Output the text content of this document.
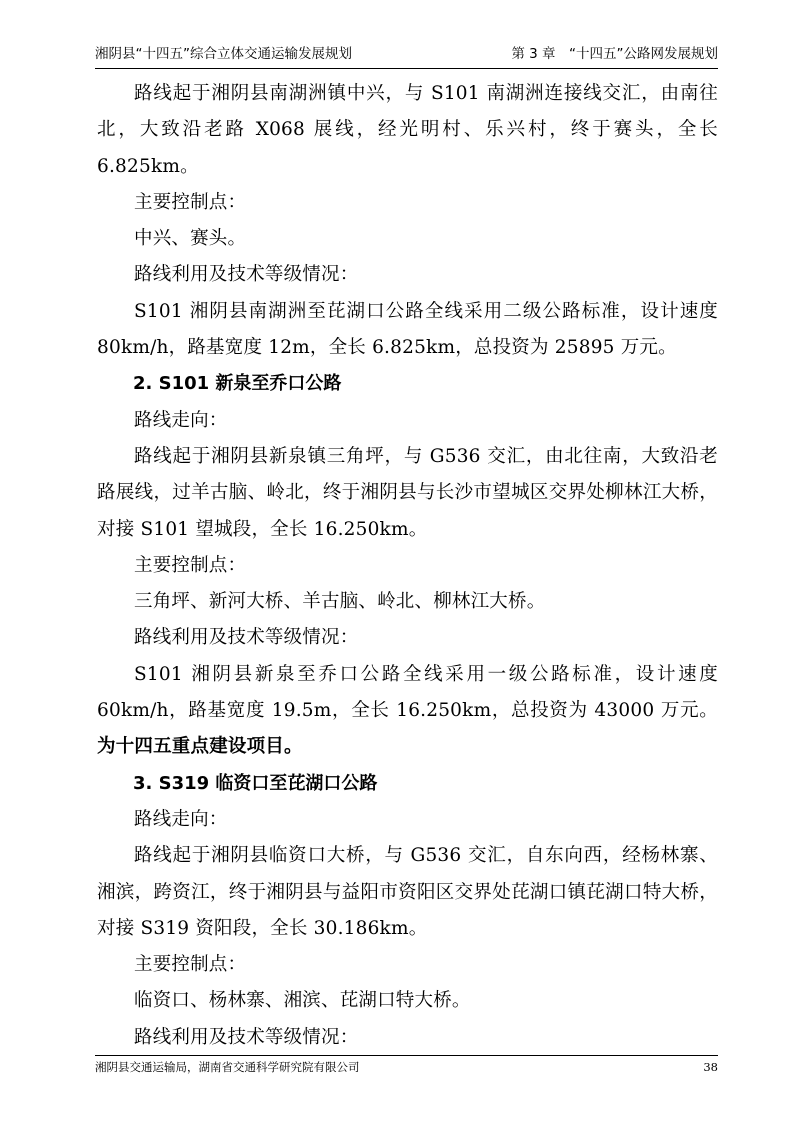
湘阴县“十四五”综合立体交通运输发展规划	第 3 章　“十四五”公路网发展规划

路线起于湘阴县南湖洲镇中兴，与 S101 南湖洲连接线交汇，由南往北，大致沿老路 X068 展线，经光明村、乐兴村，终于赛头，全长 6.825km。

主要控制点：

中兴、赛头。

路线利用及技术等级情况：

S101 湘阴县南湖洲至芘湖口公路全线采用二级公路标准，设计速度 80km/h，路基宽度 12m，全长 6.825km，总投资为 25895 万元。

2. S101 新泉至乔口公路

路线走向：

路线起于湘阴县新泉镇三角坪，与 G536 交汇，由北往南，大致沿老路展线，过羊古脑、岭北，终于湘阴县与长沙市望城区交界处柳林江大桥，对接 S101 望城段，全长 16.250km。

主要控制点：

三角坪、新河大桥、羊古脑、岭北、柳林江大桥。

路线利用及技术等级情况：

S101 湘阴县新泉至乔口公路全线采用一级公路标准，设计速度 60km/h，路基宽度 19.5m，全长 16.250km，总投资为 43000 万元。为十四五重点建设项目。

3. S319 临资口至芘湖口公路

路线走向：

路线起于湘阴县临资口大桥，与 G536 交汇，自东向西，经杨林寨、湘滨，跨资江，终于湘阴县与益阳市资阳区交界处芘湖口镇芘湖口特大桥，对接 S319 资阳段，全长 30.186km。

主要控制点：

临资口、杨林寨、湘滨、芘湖口特大桥。

路线利用及技术等级情况：

湘阴县交通运输局，湖南省交通科学研究院有限公司	38
